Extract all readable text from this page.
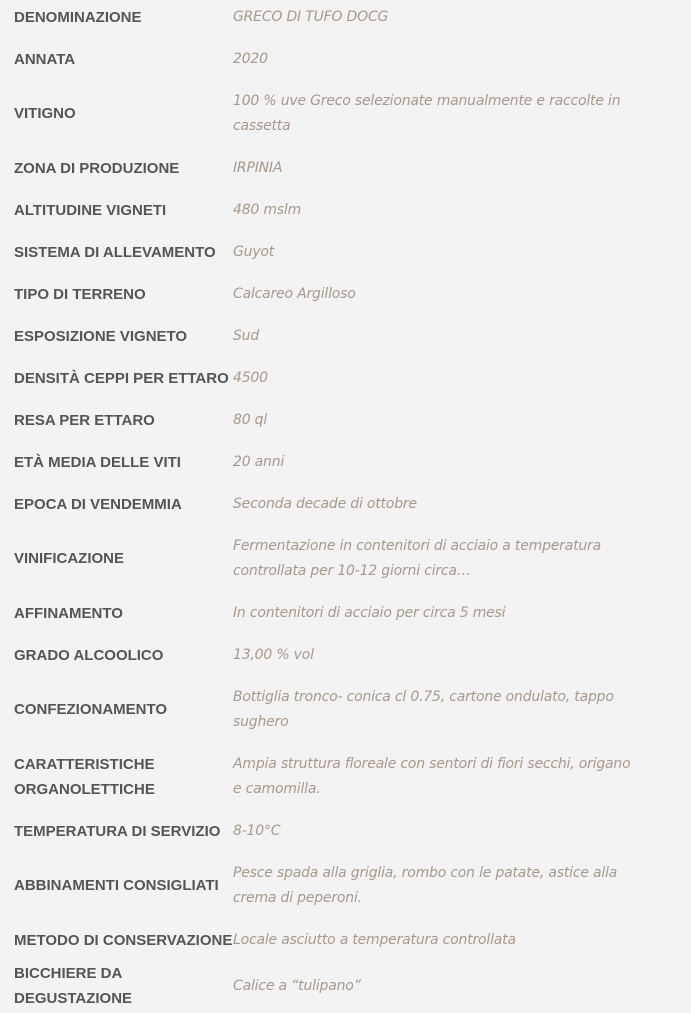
DENOMINAZIONE	GRECO DI TUFO DOCG
ANNATA	2020
VITIGNO	100 % uve Greco selezionate manualmente e raccolte in cassetta
ZONA DI PRODUZIONE	IRPINIA
ALTITUDINE VIGNETI	480 mslm
SISTEMA DI ALLEVAMENTO	Guyot
TIPO DI TERRENO	Calcareo Argilloso
ESPOSIZIONE VIGNETO	Sud
DENSITÀ CEPPI PER ETTARO	4500
RESA PER ETTARO	80 ql
ETÀ MEDIA DELLE VITI	20 anni
EPOCA DI VENDEMMIA	Seconda decade di ottobre
VINIFICAZIONE	Fermentazione in contenitori di acciaio a temperatura controllata per 10-12 giorni circa…
AFFINAMENTO	In contenitori di acciaio per circa 5 mesi
GRADO ALCOOLICO	13,00 % vol
CONFEZIONAMENTO	Bottiglia tronco- conica cl 0.75, cartone ondulato, tappo sughero
CARATTERISTICHE ORGANOLETTICHE	Ampia struttura floreale con sentori di fiori secchi, origano e camomilla.
TEMPERATURA DI SERVIZIO	8-10°C
ABBINAMENTI CONSIGLIATI	Pesce spada alla griglia, rombo con le patate, astice alla crema di peperoni.
METODO DI CONSERVAZIONE	Locale asciutto a temperatura controllata
BICCHIERE DA DEGUSTAZIONE	Calice a “tulipano”
